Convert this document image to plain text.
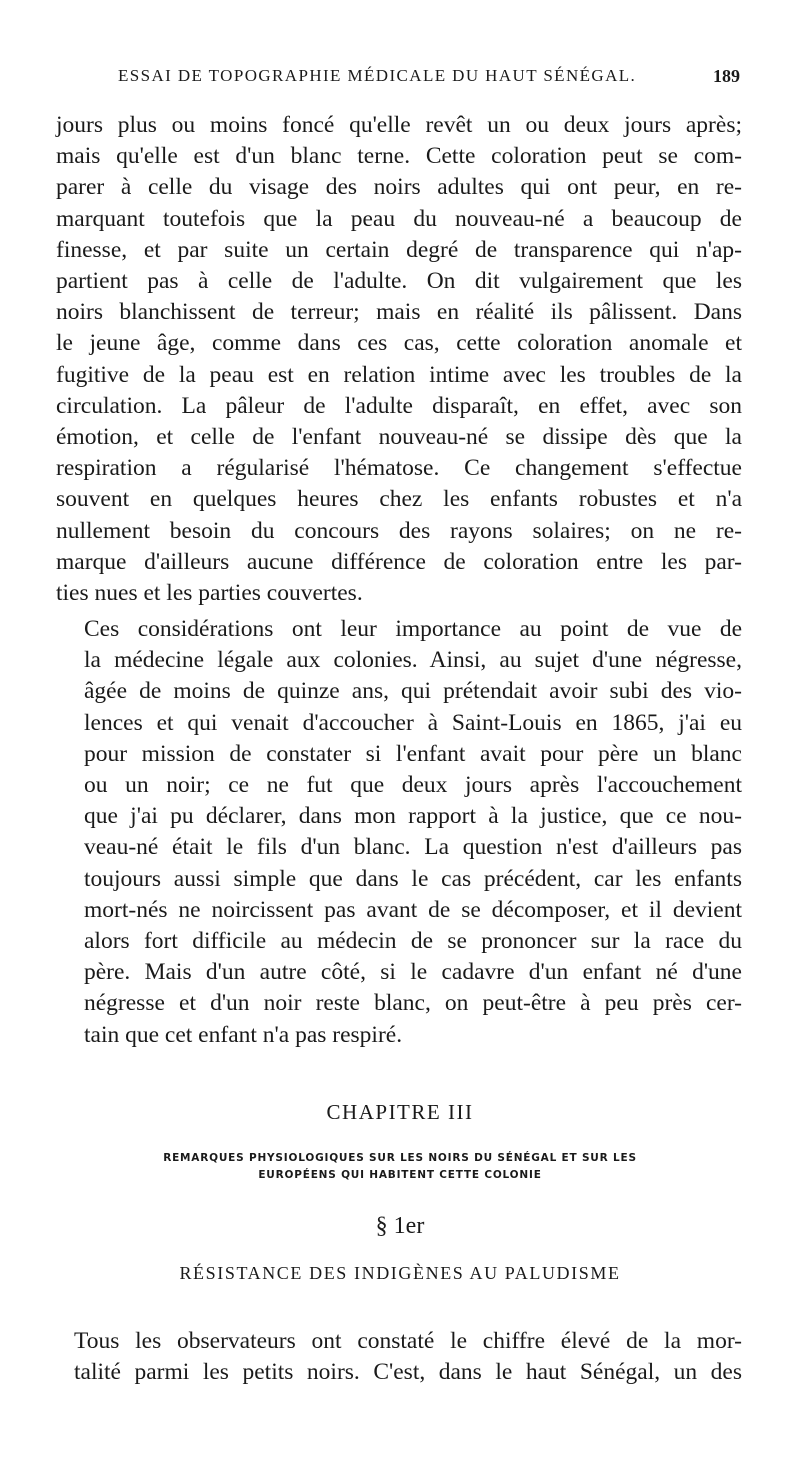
ESSAI DE TOPOGRAPHIE MÉDICALE DU HAUT SÉNÉGAL.	189
jours plus ou moins foncé qu'elle revêt un ou deux jours après;
mais qu'elle est d'un blanc terne. Cette coloration peut se com-
parer à celle du visage des noirs adultes qui ont peur, en re-
marquant toutefois que la peau du nouveau-né a beaucoup de
finesse, et par suite un certain degré de transparence qui n'ap-
partient pas à celle de l'adulte. On dit vulgairement que les
noirs blanchissent de terreur; mais en réalité ils pâlissent. Dans
le jeune âge, comme dans ces cas, cette coloration anomale et
fugitive de la peau est en relation intime avec les troubles de la
circulation. La pâleur de l'adulte disparaît, en effet, avec son
émotion, et celle de l'enfant nouveau-né se dissipe dès que la
respiration a régularisé l'hématose. Ce changement s'effectue
souvent en quelques heures chez les enfants robustes et n'a
nullement besoin du concours des rayons solaires; on ne re-
marque d'ailleurs aucune différence de coloration entre les par-
ties nues et les parties couvertes.
Ces considérations ont leur importance au point de vue de
la médecine légale aux colonies. Ainsi, au sujet d'une négresse,
âgée de moins de quinze ans, qui prétendait avoir subi des vio-
lences et qui venait d'accoucher à Saint-Louis en 1865, j'ai eu
pour mission de constater si l'enfant avait pour père un blanc
ou un noir; ce ne fut que deux jours après l'accouchement
que j'ai pu déclarer, dans mon rapport à la justice, que ce nou-
veau-né était le fils d'un blanc. La question n'est d'ailleurs pas
toujours aussi simple que dans le cas précédent, car les enfants
mort-nés ne noircissent pas avant de se décomposer, et il devient
alors fort difficile au médecin de se prononcer sur la race du
père. Mais d'un autre côté, si le cadavre d'un enfant né d'une
négresse et d'un noir reste blanc, on peut-être à peu près cer-
tain que cet enfant n'a pas respiré.
CHAPITRE III
REMARQUES PHYSIOLOGIQUES SUR LES NOIRS DU SÉNÉGAL ET SUR LES
EUROPÉENS QUI HABITENT CETTE COLONIE
§ 1er
RÉSISTANCE DES INDIGÈNES AU PALUDISME
Tous les observateurs ont constaté le chiffre élevé de la mor-
talité parmi les petits noirs. C'est, dans le haut Sénégal, un des
